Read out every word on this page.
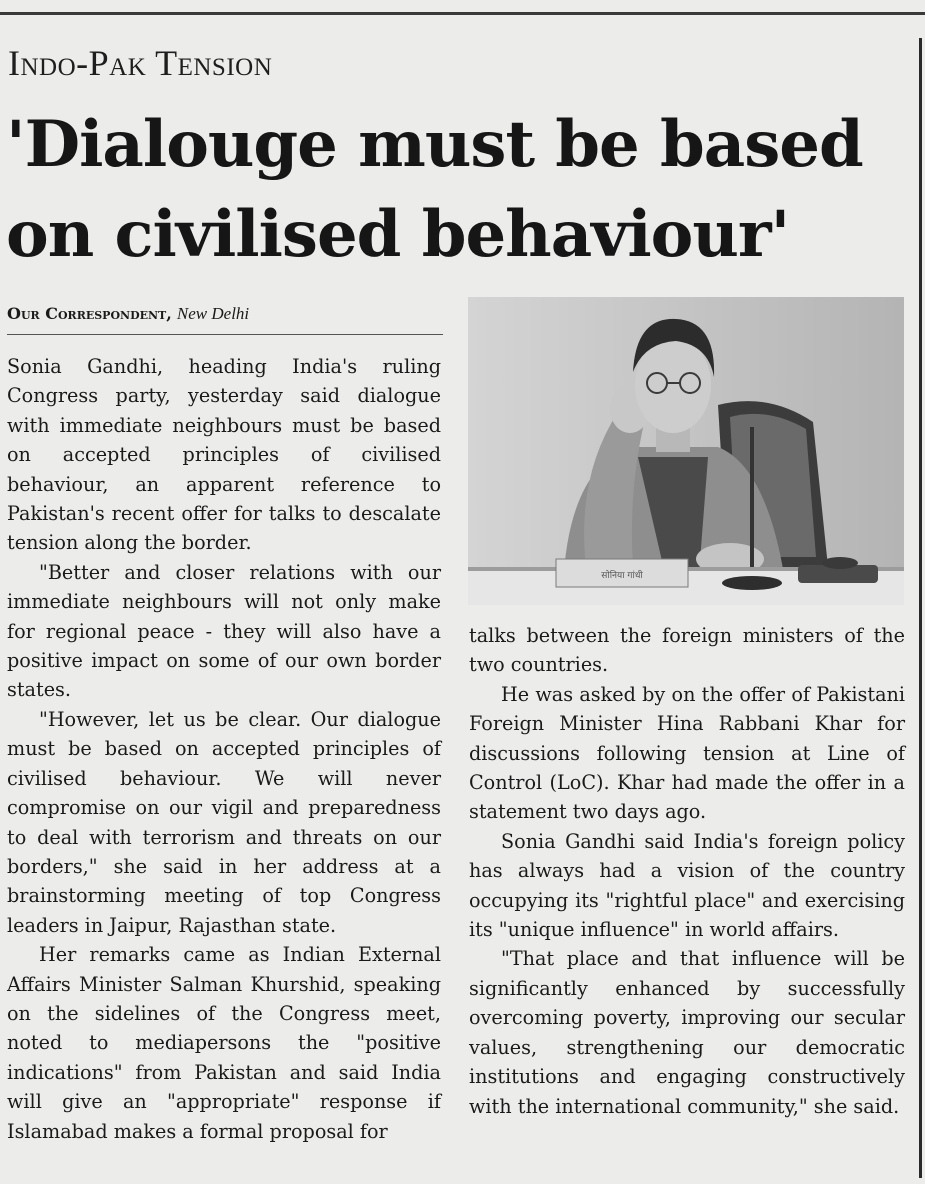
Indo-Pak Tension
'Dialouge must be based
on civilised behaviour'
Our Correspondent, New Delhi

Sonia Gandhi, heading India's ruling Congress party, yesterday said dialogue with immediate neighbours must be based on accepted principles of civilised behaviour, an apparent reference to Pakistan's recent offer for talks to descalate tension along the border.

"Better and closer relations with our immediate neighbours will not only make for regional peace - they will also have a positive impact on some of our own border states.

"However, let us be clear. Our dialogue must be based on accepted principles of civilised behaviour. We will never compromise on our vigil and preparedness to deal with terrorism and threats on our borders," she said in her address at a brainstorming meeting of top Congress leaders in Jaipur, Rajasthan state.

Her remarks came as Indian External Affairs Minister Salman Khurshid, speaking on the sidelines of the Congress meet, noted to mediapersons the "positive indications" from Pakistan and said India will give an "appropriate" response if Islamabad makes a formal proposal for

सोनिया गांधी

talks between the foreign ministers of the two countries.

He was asked by on the offer of Pakistani Foreign Minister Hina Rabbani Khar for discussions following tension at Line of Control (LoC). Khar had made the offer in a statement two days ago.

Sonia Gandhi said India's foreign policy has always had a vision of the country occupying its "rightful place" and exercising its "unique influence" in world affairs.

"That place and that influence will be significantly enhanced by successfully overcoming poverty, improving our secular values, strengthening our democratic institutions and engaging constructively with the international community," she said.
